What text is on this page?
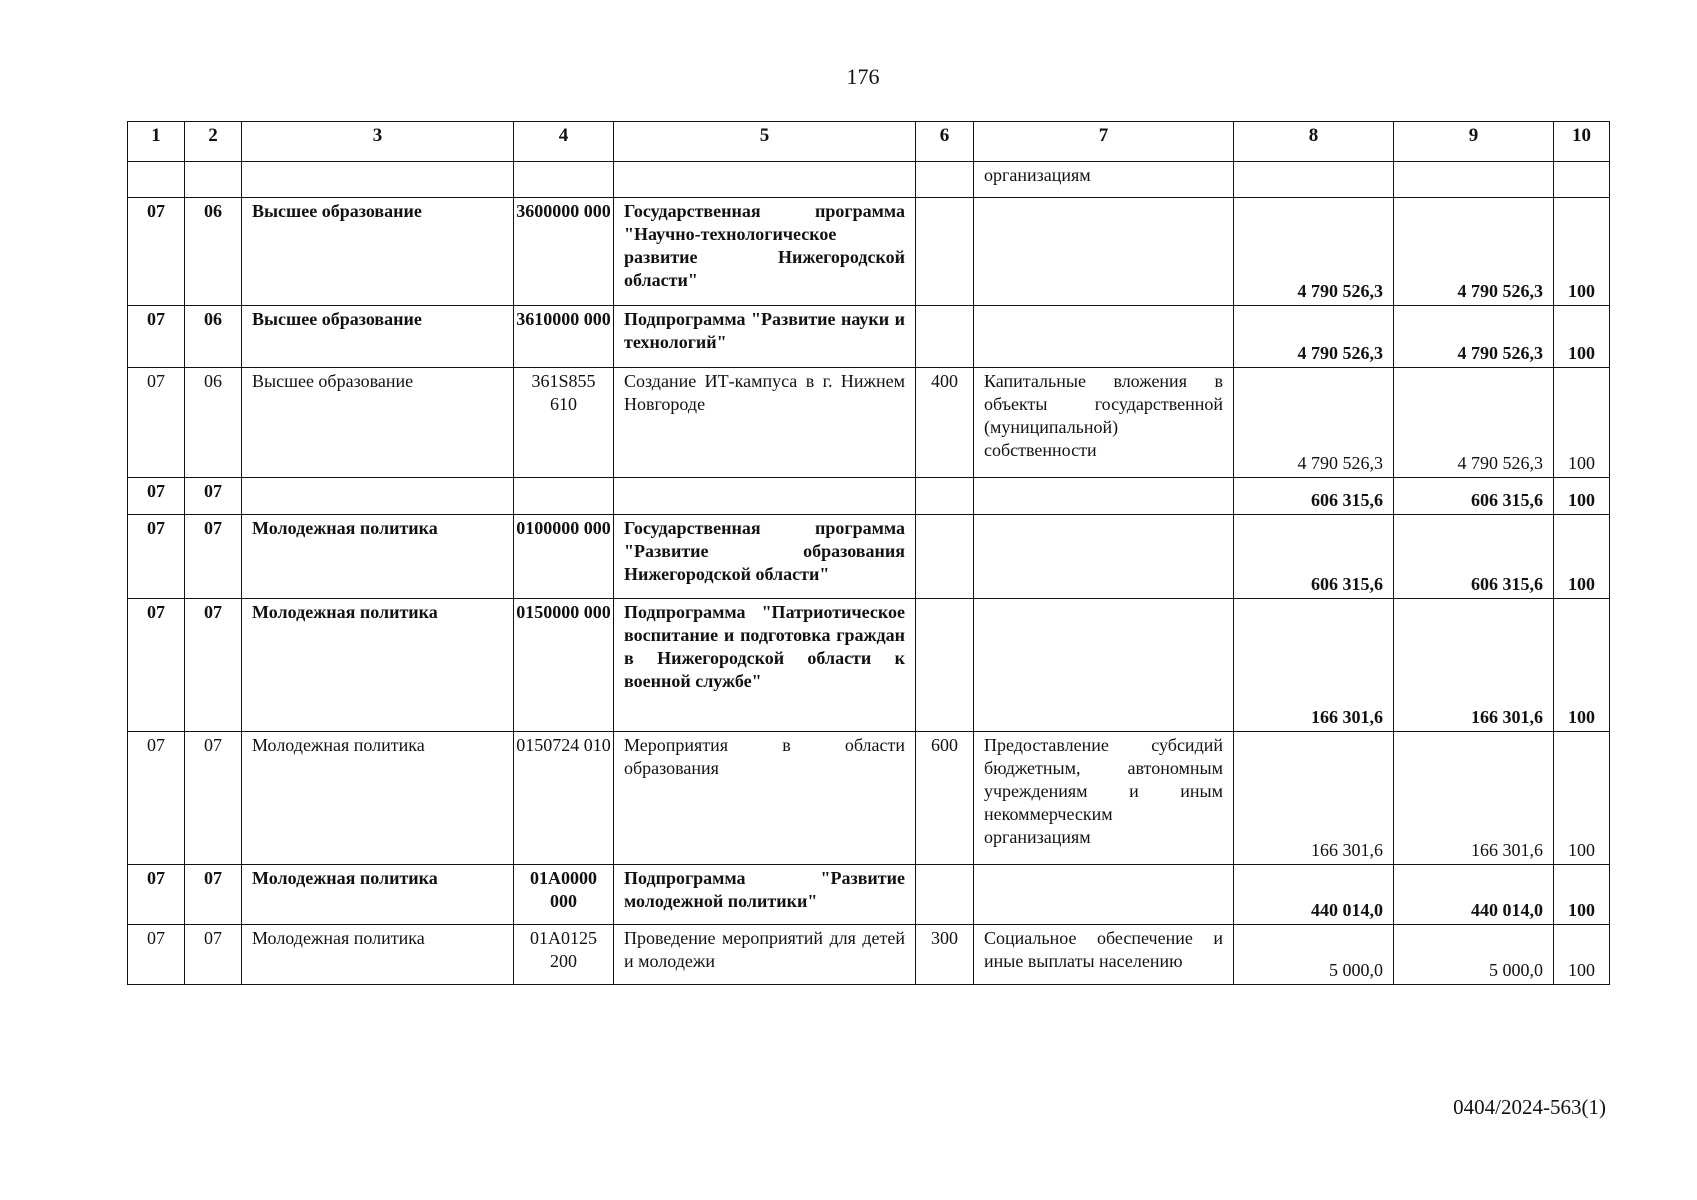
176
1	2	3	4	5	6	7	8	9	10
						организациям			
07	06	Высшее образование	3600000 000	Государственная программа "Научно-технологическое развитие Нижегородской области"			4 790 526,3	4 790 526,3	100
07	06	Высшее образование	3610000 000	Подпрограмма "Развитие науки и технологий"			4 790 526,3	4 790 526,3	100
07	06	Высшее образование	361S855 610	Создание ИТ-кампуса в г. Нижнем Новгороде	400	Капитальные вложения в объекты государственной (муниципальной) собственности	4 790 526,3	4 790 526,3	100
07	07						606 315,6	606 315,6	100
07	07	Молодежная политика	0100000 000	Государственная программа "Развитие образования Нижегородской области"			606 315,6	606 315,6	100
07	07	Молодежная политика	0150000 000	Подпрограмма "Патриотическое воспитание и подготовка граждан в Нижегородской области к военной службе"			166 301,6	166 301,6	100
07	07	Молодежная политика	0150724 010	Мероприятия в области образования	600	Предоставление субсидий бюджетным, автономным учреждениям и иным некоммерческим организациям	166 301,6	166 301,6	100
07	07	Молодежная политика	01А0000 000	Подпрограмма "Развитие молодежной политики"			440 014,0	440 014,0	100
07	07	Молодежная политика	01А0125 200	Проведение мероприятий для детей и молодежи	300	Социальное обеспечение и иные выплаты населению	5 000,0	5 000,0	100
0404/2024-563(1)
